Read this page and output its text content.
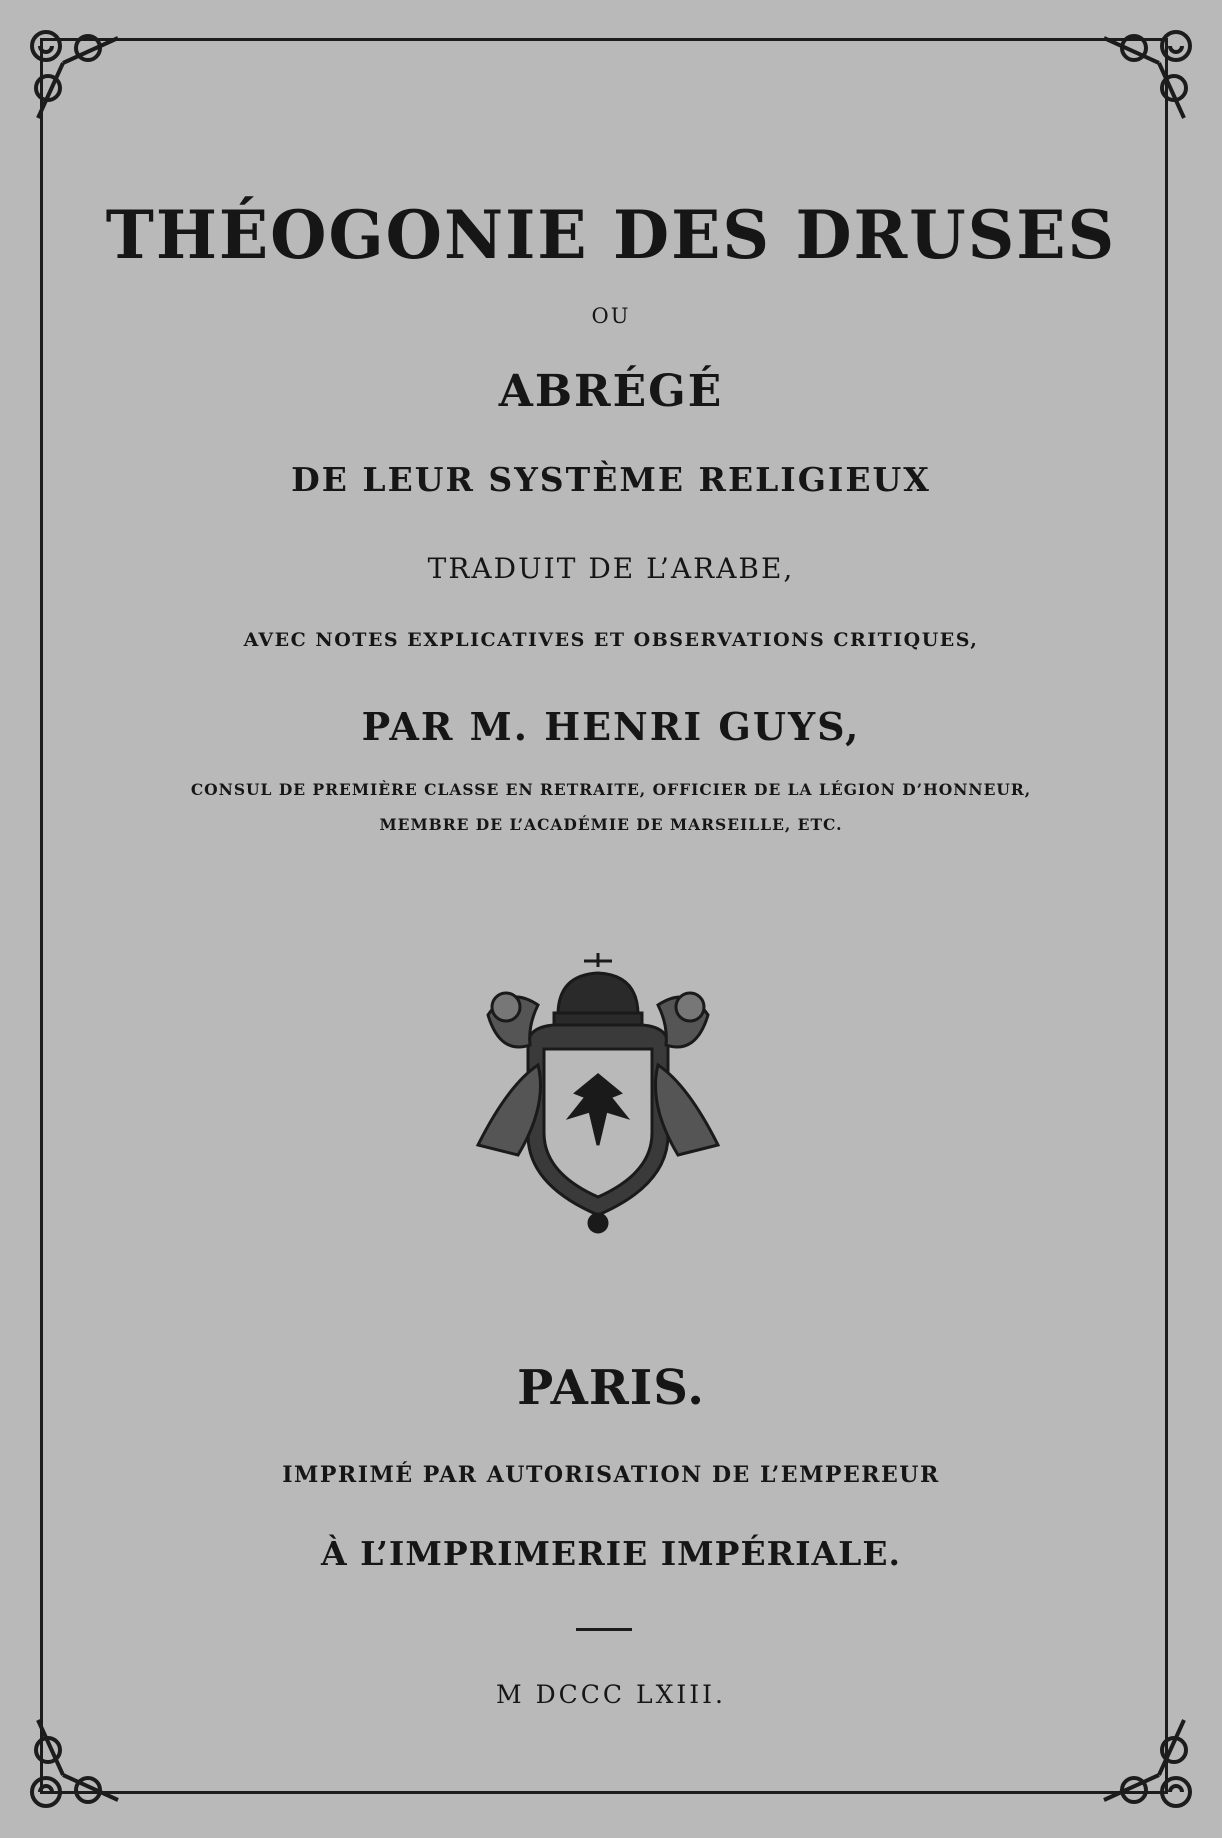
THÉOGONIE DES DRUSES
OU
ABRÉGÉ
DE LEUR SYSTÈME RELIGIEUX
TRADUIT DE L’ARABE,
AVEC NOTES EXPLICATIVES ET OBSERVATIONS CRITIQUES,
PAR M. HENRI GUYS,
CONSUL DE PREMIÈRE CLASSE EN RETRAITE, OFFICIER DE LA LÉGION D’HONNEUR,
MEMBRE DE L’ACADÉMIE DE MARSEILLE, ETC.
PARIS.
IMPRIMÉ PAR AUTORISATION DE L’EMPEREUR
À L’IMPRIMERIE IMPÉRIALE.
M DCCC LXIII.
